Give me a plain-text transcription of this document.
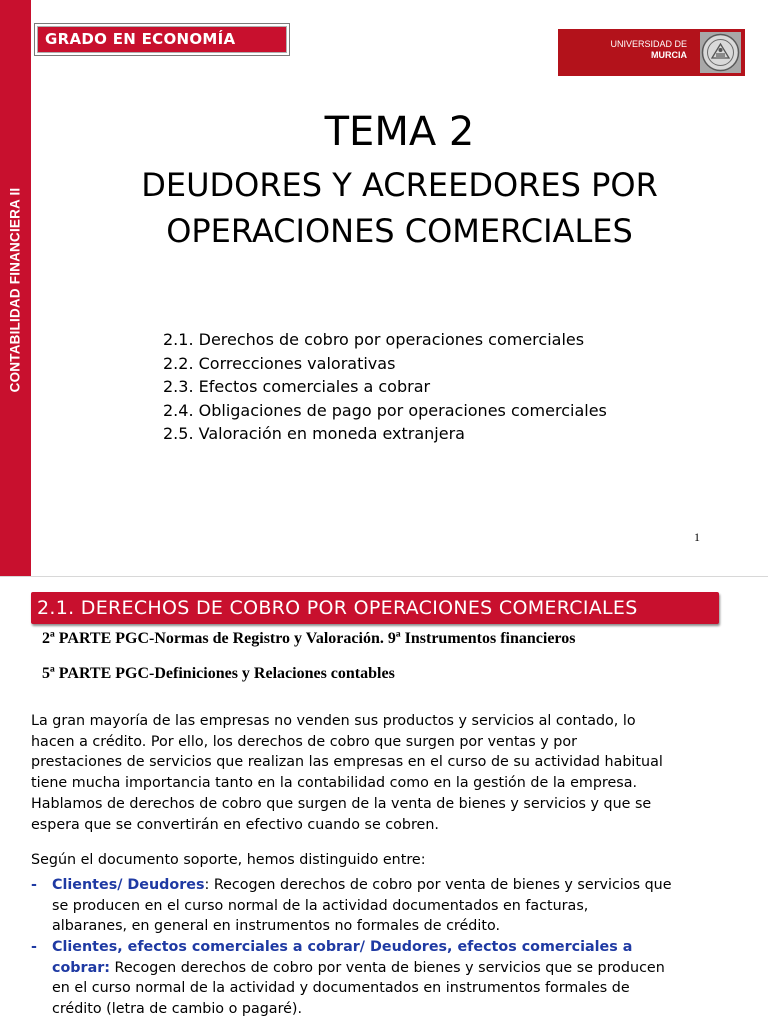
CONTABILIDAD FINANCIERA II
GRADO EN ECONOMÍA	UNIVERSIDAD DE
MURCIA
TEMA 2
DEUDORES Y ACREEDORES POR
OPERACIONES COMERCIALES
2.1. Derechos de cobro por operaciones comerciales
2.2. Correcciones valorativas
2.3. Efectos comerciales a cobrar
2.4. Obligaciones de pago por operaciones comerciales
2.5. Valoración en moneda extranjera
1
2.1. DERECHOS DE COBRO POR OPERACIONES COMERCIALES
2ª PARTE PGC-Normas de Registro y Valoración. 9ª Instrumentos financieros
5ª PARTE PGC-Definiciones y Relaciones contables

La gran mayoría de las empresas no venden sus productos y servicios al contado, lo
hacen a crédito. Por ello, los derechos de cobro que surgen por ventas y por
prestaciones de servicios que realizan las empresas en el curso de su actividad habitual
tiene mucha importancia tanto en la contabilidad como en la gestión de la empresa.
Hablamos de derechos de cobro que surgen de la venta de bienes y servicios y que se
espera que se convertirán en efectivo cuando se cobren.

Según el documento soporte, hemos distinguido entre:
-	Clientes/ Deudores: Recogen derechos de cobro por venta de bienes y servicios que
se producen en el curso normal de la actividad documentados en facturas,
albaranes, en general en instrumentos no formales de crédito.
-	Clientes, efectos comerciales a cobrar/ Deudores, efectos comerciales a
cobrar: Recogen derechos de cobro por venta de bienes y servicios que se producen
en el curso normal de la actividad y documentados en instrumentos formales de
crédito (letra de cambio o pagaré).
